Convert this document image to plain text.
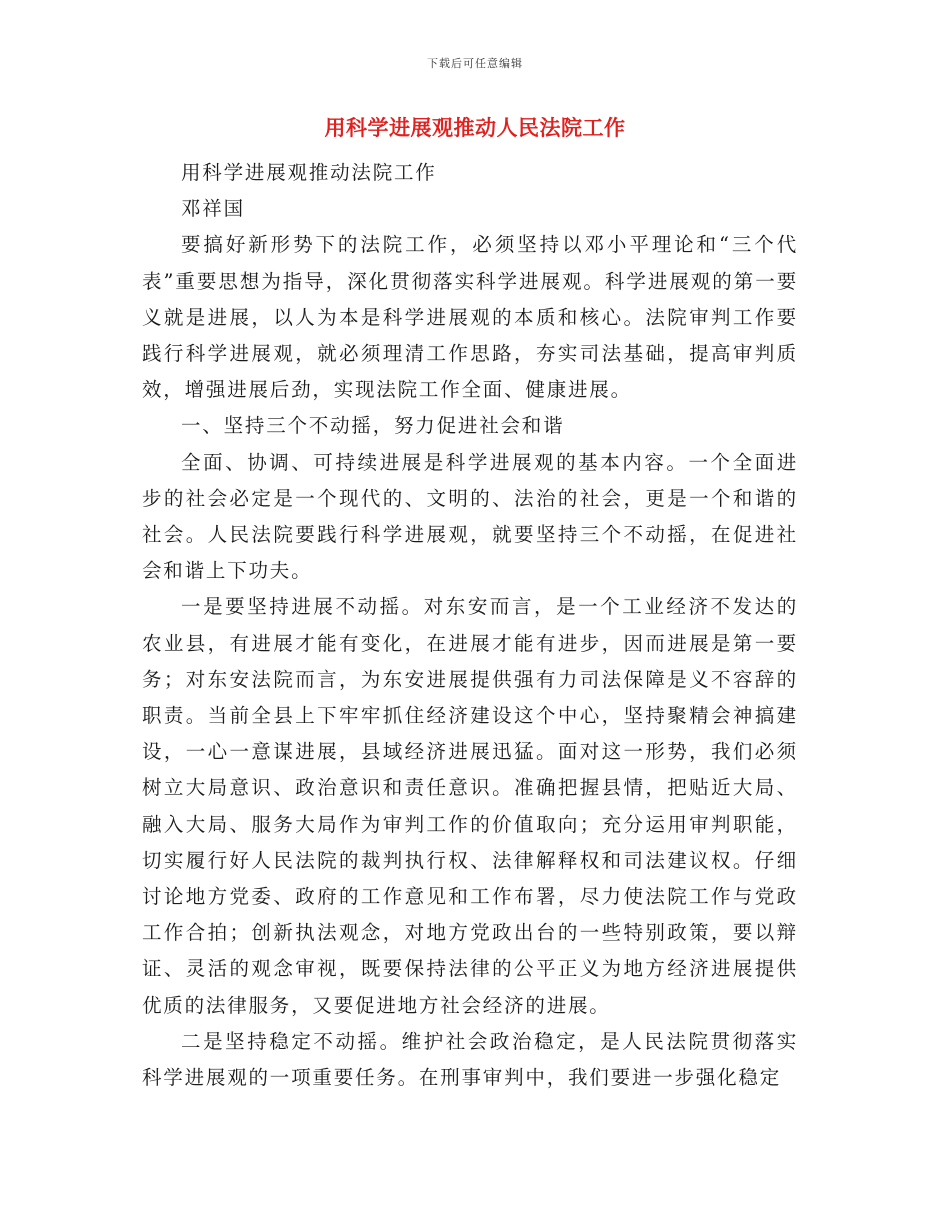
下载后可任意编辑
用科学进展观推动人民法院工作

用科学进展观推动法院工作

邓祥国

要搞好新形势下的法院工作，必须坚持以邓小平理论和“三个代表”重要思想为指导，深化贯彻落实科学进展观。科学进展观的第一要义就是进展，以人为本是科学进展观的本质和核心。法院审判工作要践行科学进展观，就必须理清工作思路，夯实司法基础，提高审判质效，增强进展后劲，实现法院工作全面、健康进展。

一、坚持三个不动摇，努力促进社会和谐

全面、协调、可持续进展是科学进展观的基本内容。一个全面进步的社会必定是一个现代的、文明的、法治的社会，更是一个和谐的社会。人民法院要践行科学进展观，就要坚持三个不动摇，在促进社会和谐上下功夫。

一是要坚持进展不动摇。对东安而言，是一个工业经济不发达的农业县，有进展才能有变化，在进展才能有进步，因而进展是第一要务；对东安法院而言，为东安进展提供强有力司法保障是义不容辞的职责。当前全县上下牢牢抓住经济建设这个中心，坚持聚精会神搞建设，一心一意谋进展，县域经济进展迅猛。面对这一形势，我们必须树立大局意识、政治意识和责任意识。准确把握县情，把贴近大局、融入大局、服务大局作为审判工作的价值取向；充分运用审判职能，切实履行好人民法院的裁判执行权、法律解释权和司法建议权。仔细讨论地方党委、政府的工作意见和工作布署，尽力使法院工作与党政工作合拍；创新执法观念，对地方党政出台的一些特别政策，要以辩证、灵活的观念审视，既要保持法律的公平正义为地方经济进展提供优质的法律服务，又要促进地方社会经济的进展。

二是坚持稳定不动摇。维护社会政治稳定，是人民法院贯彻落实科学进展观的一项重要任务。在刑事审判中，我们要进一步强化稳定
